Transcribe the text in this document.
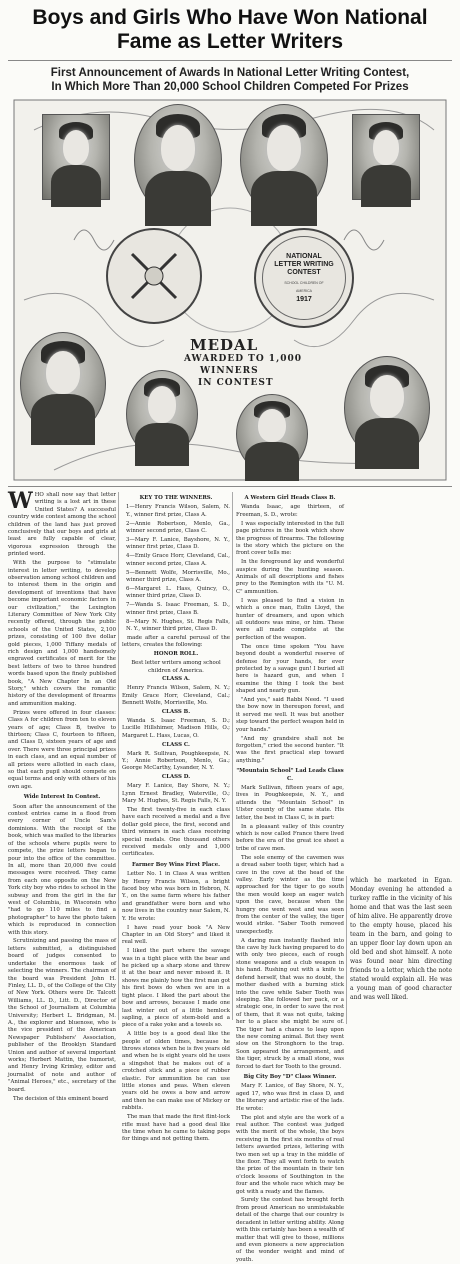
Boys and Girls Who Have Won National
Fame as Letter Writers
First Announcement of Awards In National Letter Writing Contest,
In Which More Than 20,000 School Children Competed For Prizes
NATIONAL
LETTER WRITING
CONTEST
SCHOOL CHILDREN OF
AMERICA
1917
MEDAL
AWARDED TO 1,000
WINNERS
IN CONTEST

WHO shall now say that letter writing is a lost art in these United States? A successful country wide contest among the school children of the land has just proved conclusively that our boys and girls at least are fully capable of clear, vigorous expression through the printed word.

With the purpose to "stimulate interest in letter writing, to develop observation among school children and to interest them in the origin and development of inventions that have become important economic factors in our civilization," the Lexington Literary Committee of New York City recently offered, through the public schools of the United States, 2,100 prizes, consisting of 100 five dollar gold pieces, 1,000 Tiffany medals of rich design and 1,000 handsomely engraved certificates of merit for the best letters of two to three hundred words based upon the finely published book, "A New Chapter In an Old Story," which covers the romantic history of the development of firearms and ammunition making.

Prizes were offered in four classes: Class A for children from ten to eleven years of age; Class B, twelve to thirteen; Class C, fourteen to fifteen, and Class D, sixteen years of age and over. There were three principal prizes in each class, and an equal number of all prizes were allotted in each class, so that each pupil should compete on equal terms and only with others of his own age.

Wide Interest In Contest.

Soon after the announcement of the contest entries came in a flood from every corner of Uncle Sam's dominions. With the receipt of the book, which was mailed to the libraries of the schools where pupils were to compete, the prize letters began to pour into the office of the committee. In all, more than 20,000 five could messages were received. They came from each one opposite on the New York city boy who rides to school in the subway and from the girl in the far west of Columbia, in Wisconsin who "had to go 110 miles to find a photographer" to have the photo taken which is reproduced in connection with this story.

Scrutinizing and passing the mass of letters submitted, a distinguished board of judges consented to undertake the enormous task of selecting the winners. The chairman of the board was President John H. Finley, LL. D., of the College of the City of New York. Others were Dr. Talcott Williams, LL. D., Litt. D., Director of the School of Journalism at Columbia University; Herbert L. Bridgman, M. A., the explorer and bluenose, who is the vice president of the American Newspaper Publishers' Association, publisher of the Brooklyn Standard Union and author of several important works; Herbert Mattin, the humorist, and Henry Irving Krimley, editor and journalist of note and author of "Animal Heroes," etc., secretary of the board.

The decision of this eminent board

KEY TO THE WINNERS.

1—Henry Francis Wilson, Salem, N. Y., winner first prize, Class A.

2—Annie Robertson, Menlo, Ga., winner second prize, Class C.

3—Mary F. Lanice, Bayshore, N. Y., winner first prize, Class D.

4—Emily Grace Horr, Cleveland, Cal., winner second prize, Class A.

5—Bennett Wolfe, Morrisville, Mo., winner third prize, Class A.

6—Margaret L. Hass, Quincy, O., winner third prize, Class D.

7—Wanda S. Isaac Freeman, S. D., winner first prize, Class B.

8—Mary N. Hughes, St. Regis Falls, N. Y., winner third prize, Class D.

made after a careful perusal of the letters, creates the following:

HONOR ROLL.

Best letter writers among school children of America.

CLASS A.

Henry Francis Wilson, Salem, N. Y.; Emily Grace Horr, Cleveland, Cal.; Bennett Wolfe, Morrisville, Mo.

CLASS B.

Wanda S. Isaac Freeman, S. D.; Lucille Hillshimer, Madison Hills, O.; Margaret L. Hass, Lucas, O.

CLASS C.

Mark R. Sullivan, Poughkeepsie, N. Y.; Annie Robertson, Menlo, Ga.; George McCarthy, Lysander, N. Y.

CLASS D.

Mary F. Lanice, Bay Shore, N. Y.; Lynn Ernest Bradley, Waterville, O.; Mary M. Hughes, St. Regis Falls, N. Y.

The first twenty-five in each class have each received a medal and a five dollar gold piece, the first, second and third winners in each class receiving special medals. One thousand others received medals only and 1,000 certificates.

Farmer Boy Wins First Place.

Letter No. 1 in Class A was written by Henry Francis Wilson, a bright faced boy who was born in Hebron, N. Y., on the same farm where his father and grandfather were born and who now lives in the country near Salem, N. Y. He wrote:

I have read your book "A New Chapter in an Old Story" and liked it real well.

I liked the part where the savage was in a tight place with the bear and he picked up a sharp stone and threw it at the bear and never missed it. It shows me plainly how the first man got his first bows do when we are in a tight place. I liked the part about the bow and arrows, because I made one last winter out of a little hemlock sapling, a piece of stem-bold and a piece of a rake yoke and a towels so.

A little boy is a good deal like the people of olden times, because he throws stones when he is five years old and when he is eight years old he uses a slingshot that he makes out of a crotched stick and a piece of rubber elastic. For ammunition he can use little stones and peas. When eleven years old he owes a bow and arrow and then he can make use of Mickey or rabbits.

The man that made the first flint-lock rifle must have had a good deal like the time when he came to taking pops for things and not getting them.

A Western Girl Heads Class B.

Wanda Isaac, age thirteen, of Freeman, S. D., wrote:

I was especially interested in the full page pictures in the book which show the progress of firearms. The following is the story which the picture on the front cover tells me:

In the foreground lay and wonderful auspice during the hunting season. Animals of all descriptions and fishes prey to the Remington with its "U. M. C" ammunition.

I was pleased to find a vision in which a once man, Eulin Lloyd, the hunter of dreamers, and upon which all outdoors was mine, or him. These were all made complete at the perfection of the weapon.

The once time spoken "You have beyond doubt a wonderful reserve of defense for your hands, for ever protected by a savage gun! I buried all here is hazard gun, and when I examine the thing I took the best shaped and nearly gun.

"And yes," said Rabbi Need. "I used the bow now in thereupon forest, and it served me well. It was but another step toward the perfect weapon held in your hands."

"And my grandsire shall not be forgotten," cried the second hunter. "It was the first practical step toward anything."

"Mountain School" Lad Leads Class C.

Mark Sullivan, fifteen years of age, lives in Poughkeepsie, N. Y., and attends the "Mountain School" in Ulster county of the same state. His letter, the best in Class C, is in part:

In a pleasant valley of this country which is now called France there lived before the era of the great ice sheet a tribe of cave men.

The sole enemy of the cavemen was a dread saber tooth tiger, which had a cave in the cove at the head of the valley. Early winter as the time approached for the tiger to go south the men would keep an eager watch upon the cave, because when the hungry one went west and was seen from the center of the valley, the tiger would strike. "Saber Tooth removed unexpectedly.

A daring man instantly flashed into the cave by luck having prepared to do with only two pieces, each of rough stone weapons and a club weapon in his hand. Rushing out with a knife to defend herself, that was no doubt, the mother dashed with a burning stick into the cave while Saber Tooth was sleeping. She followed her pack, or a strategic one, in order to save the rest of them, that it was not quite, taking her to a place she might be sure of. The tiger had a chance to leap upon the new coming animal. But they went slow on the Stronghorn to the trap. Soon appeared the arrangement, and the tiger, struck by a small stone, was forced to dart for Tooth to the ground.

Big City Boy "D" Class Winner.

Mary F. Lanice, of Bay Shore, N. Y., aged 17, who was first in class D, and the literary and artistic rise of the lads. He wrote:

The plot and style are the work of a real author. The contest was judged with the merit of the whole, the boys receiving in the first six months of real letters awarded prizes, lettering with two men set up a tray in the middle of the floor. They all went forth to watch the prize of the mountain in their ten o'clock lessons of Southington in the four and the whole race which may be got with a ready and the flames.

Surely the contest has brought forth from proud American no unmistakable detail of the charge that our country is decadent in letter writing ability. Along with this certainly has been a wealth of matter that will give to those, millions and even pioneers a new appreciation of the wonder weight and mind of youth.

which he marketed in Egan. Monday evening he attended a turkey raffle in the vicinity of his home and that was the last seen of him alive. He apparently drove to the empty house, placed his team in the barn, and going to an upper floor lay down upon an old bed and shot himself. A note was found near him directing friends to a letter, which the note stated would explain all. He was a young man of good character and was well liked.
